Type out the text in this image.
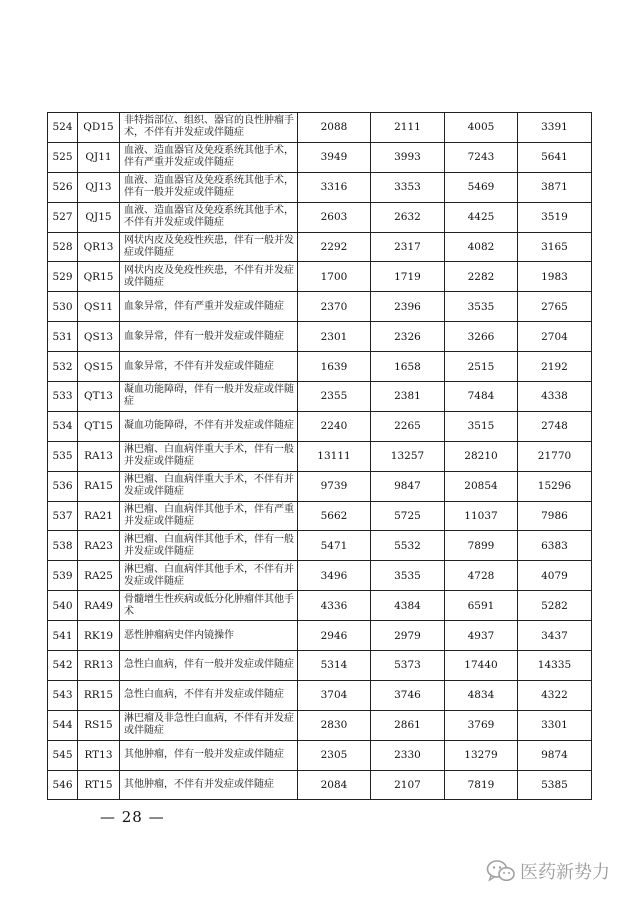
524	QD15	非特指部位、组织、器官的良性肿瘤手术，不伴有并发症或伴随症	2088	2111	4005	3391
525	QJ11	血液、造血器官及免疫系统其他手术，伴有严重并发症或伴随症	3949	3993	7243	5641
526	QJ13	血液、造血器官及免疫系统其他手术，伴有一般并发症或伴随症	3316	3353	5469	3871
527	QJ15	血液、造血器官及免疫系统其他手术，不伴有并发症或伴随症	2603	2632	4425	3519
528	QR13	网状内皮及免疫性疾患，伴有一般并发症或伴随症	2292	2317	4082	3165
529	QR15	网状内皮及免疫性疾患，不伴有并发症或伴随症	1700	1719	2282	1983
530	QS11	血象异常，伴有严重并发症或伴随症	2370	2396	3535	2765
531	QS13	血象异常，伴有一般并发症或伴随症	2301	2326	3266	2704
532	QS15	血象异常，不伴有并发症或伴随症	1639	1658	2515	2192
533	QT13	凝血功能障碍，伴有一般并发症或伴随症	2355	2381	7484	4338
534	QT15	凝血功能障碍，不伴有并发症或伴随症	2240	2265	3515	2748
535	RA13	淋巴瘤、白血病伴重大手术，伴有一般并发症或伴随症	13111	13257	28210	21770
536	RA15	淋巴瘤、白血病伴重大手术，不伴有并发症或伴随症	9739	9847	20854	15296
537	RA21	淋巴瘤、白血病伴其他手术，伴有严重并发症或伴随症	5662	5725	11037	7986
538	RA23	淋巴瘤、白血病伴其他手术，伴有一般并发症或伴随症	5471	5532	7899	6383
539	RA25	淋巴瘤、白血病伴其他手术，不伴有并发症或伴随症	3496	3535	4728	4079
540	RA49	骨髓增生性疾病或低分化肿瘤伴其他手术	4336	4384	6591	5282
541	RK19	恶性肿瘤病史伴内镜操作	2946	2979	4937	3437
542	RR13	急性白血病，伴有一般并发症或伴随症	5314	5373	17440	14335
543	RR15	急性白血病，不伴有并发症或伴随症	3704	3746	4834	4322
544	RS15	淋巴瘤及非急性白血病，不伴有并发症或伴随症	2830	2861	3769	3301
545	RT13	其他肿瘤，伴有一般并发症或伴随症	2305	2330	13279	9874
546	RT15	其他肿瘤，不伴有并发症或伴随症	2084	2107	7819	5385
— 28 —
医药新势力
